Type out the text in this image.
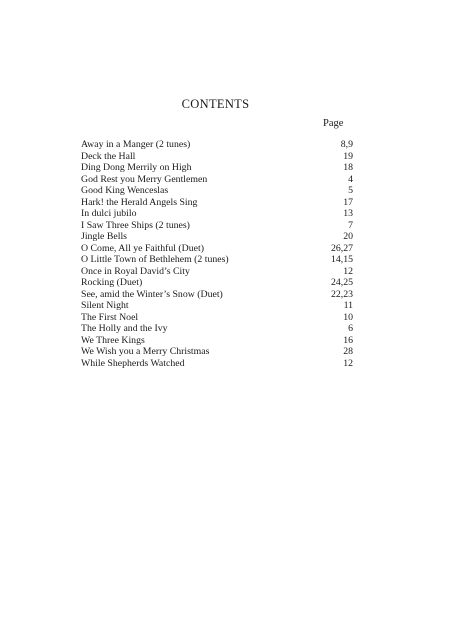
CONTENTS
Page
Away in a Manger (2 tunes)	8,9
Deck the Hall	19
Ding Dong Merrily on High	18
God Rest you Merry Gentlemen	4
Good King Wenceslas	5
Hark! the Herald Angels Sing	17
In dulci jubilo	13
I Saw Three Ships (2 tunes)	7
Jingle Bells	20
O Come, All ye Faithful (Duet)	26,27
O Little Town of Bethlehem (2 tunes)	14,15
Once in Royal David’s City	12
Rocking (Duet)	24,25
See, amid the Winter’s Snow (Duet)	22,23
Silent Night	11
The First Noel	10
The Holly and the Ivy	6
We Three Kings	16
We Wish you a Merry Christmas	28
While Shepherds Watched	12
